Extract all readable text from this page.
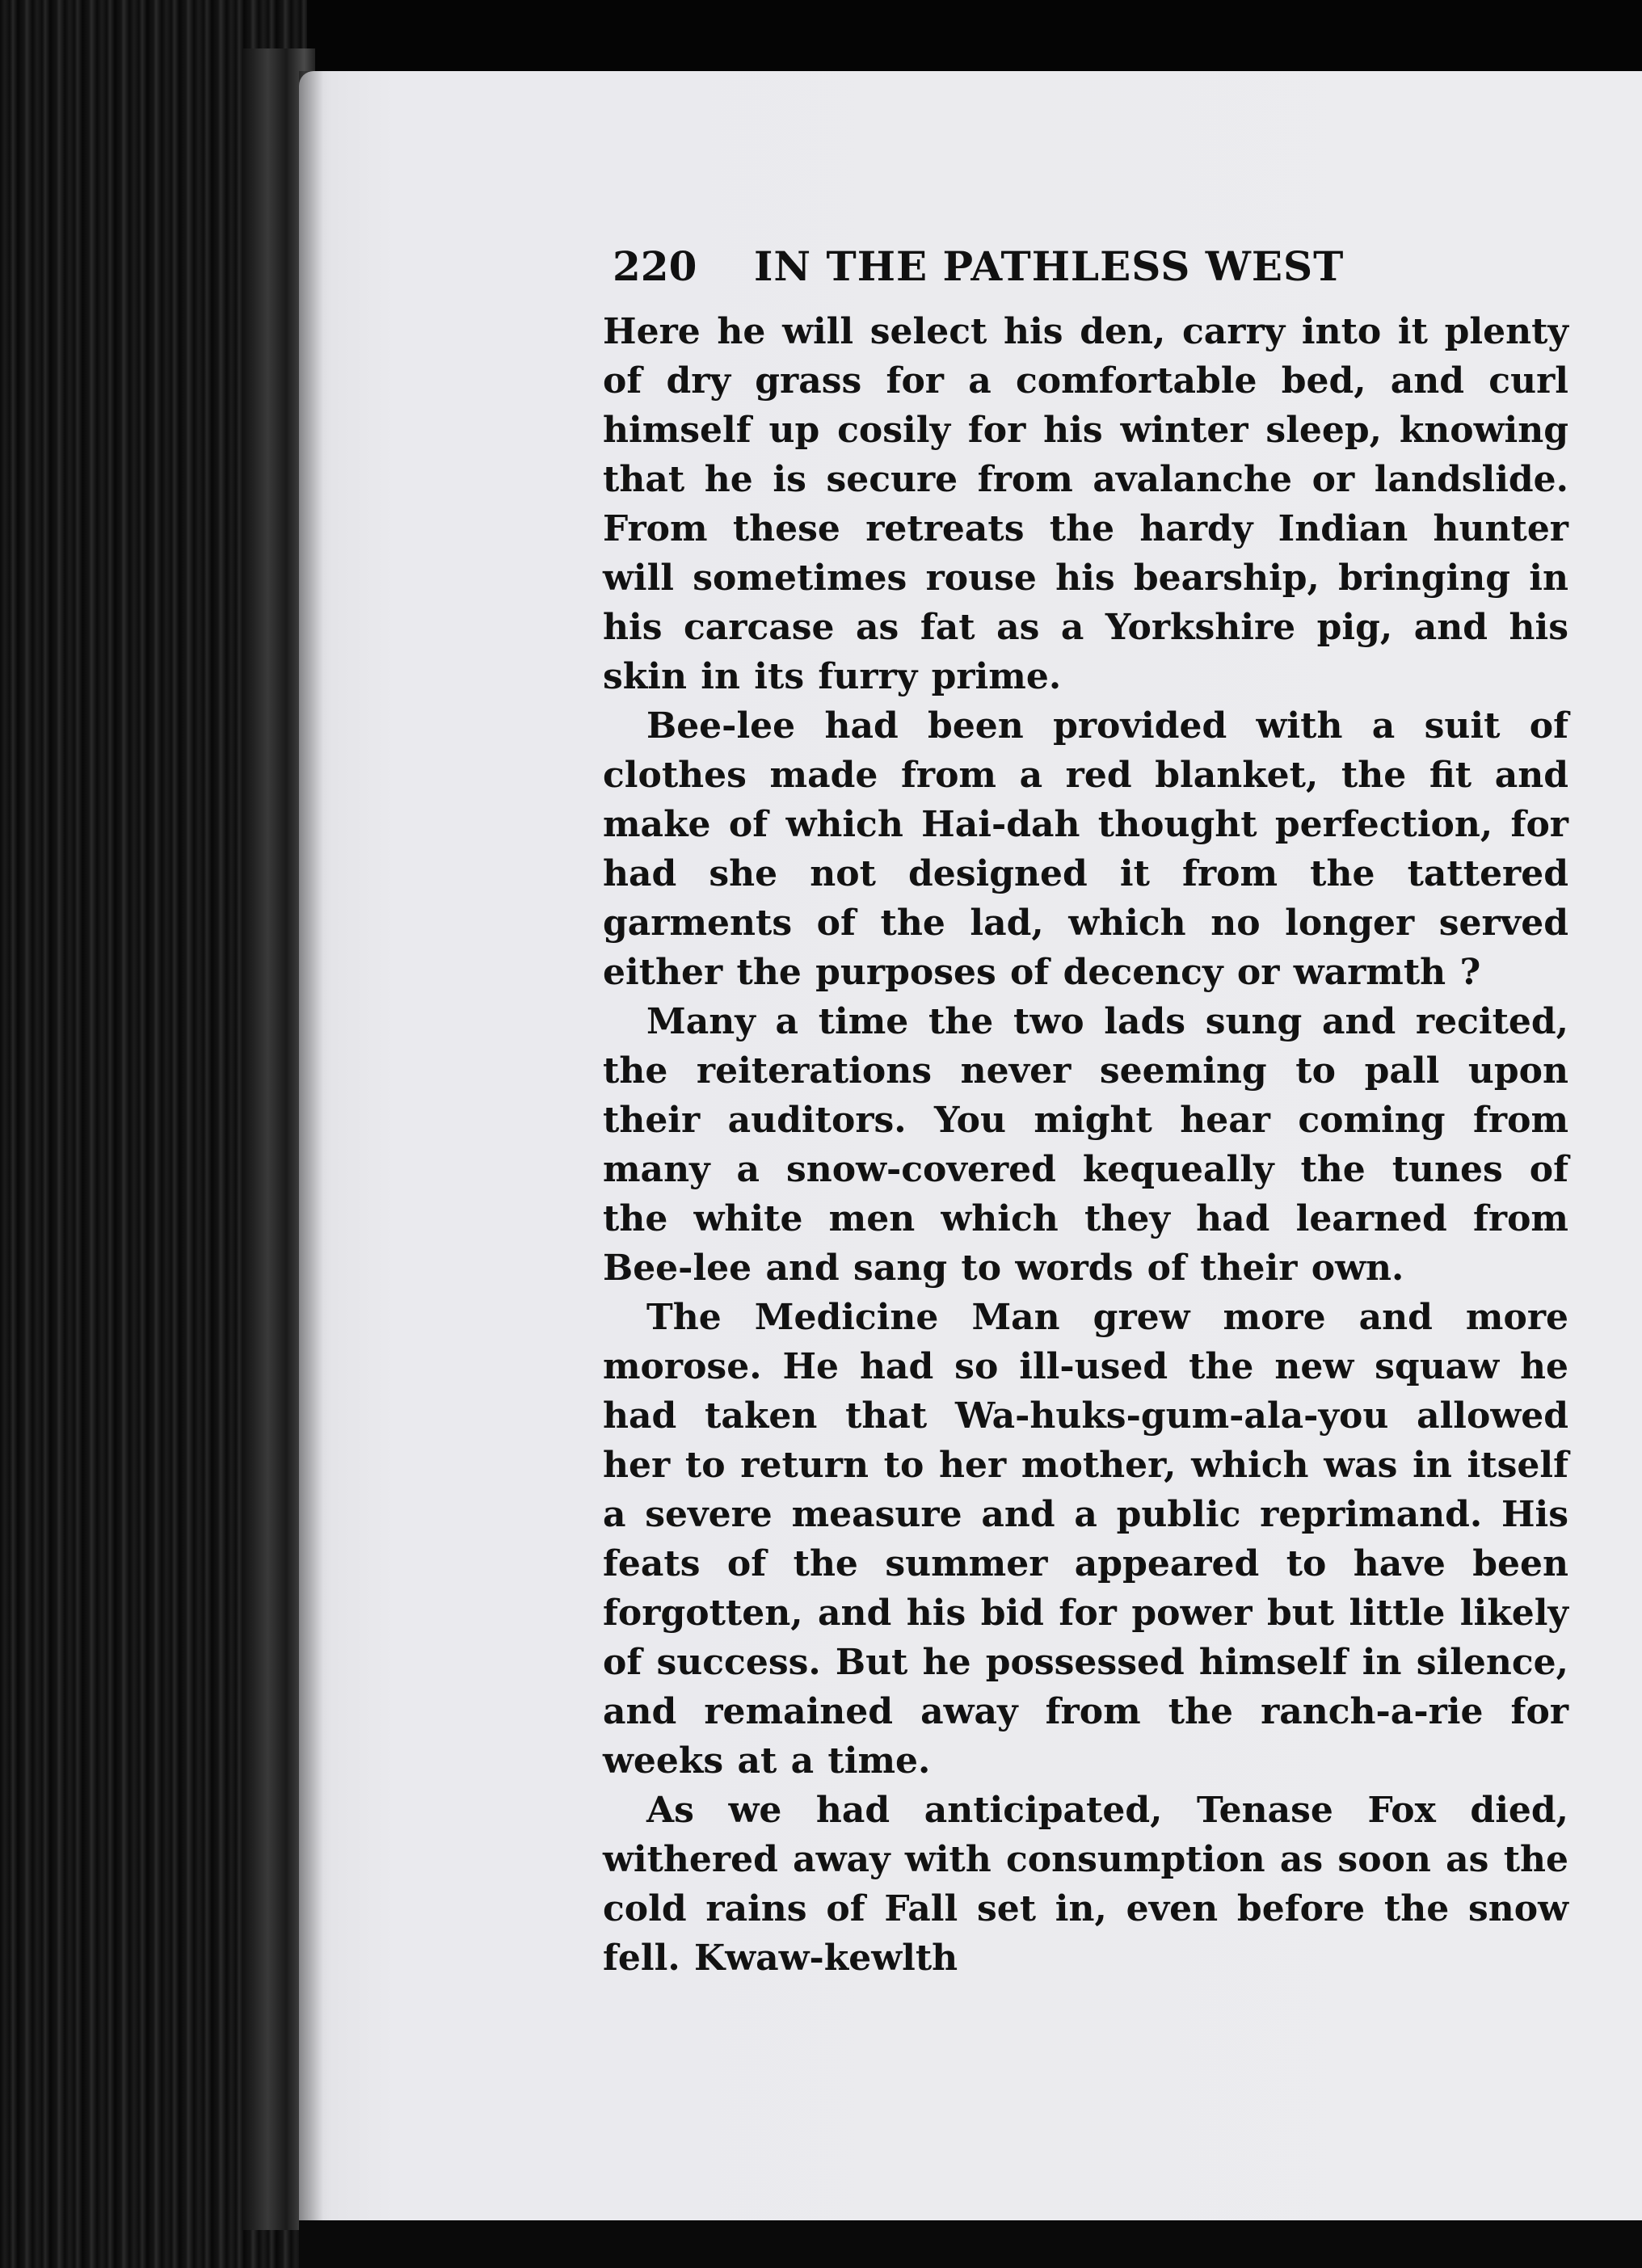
220 IN THE PATHLESS WEST

Here he will select his den, carry into it plenty of dry grass for a comfortable bed, and curl himself up cosily for his winter sleep, knowing that he is secure from avalanche or landslide. From these retreats the hardy Indian hunter will sometimes rouse his bearship, bringing in his carcase as fat as a Yorkshire pig, and his skin in its furry prime.

Bee-lee had been provided with a suit of clothes made from a red blanket, the fit and make of which Hai-dah thought perfection, for had she not designed it from the tattered garments of the lad, which no longer served either the purposes of decency or warmth ?

Many a time the two lads sung and recited, the reiterations never seeming to pall upon their auditors. You might hear coming from many a snow-covered kequeally the tunes of the white men which they had learned from Bee-lee and sang to words of their own.

The Medicine Man grew more and more morose. He had so ill-used the new squaw he had taken that Wa-huks-gum-ala-you allowed her to return to her mother, which was in itself a severe measure and a public reprimand. His feats of the summer appeared to have been forgotten, and his bid for power but little likely of success. But he possessed himself in silence, and remained away from the ranch-a-rie for weeks at a time.

As we had anticipated, Tenase Fox died, withered away with consumption as soon as the cold rains of Fall set in, even before the snow fell. Kwaw-kewlth
